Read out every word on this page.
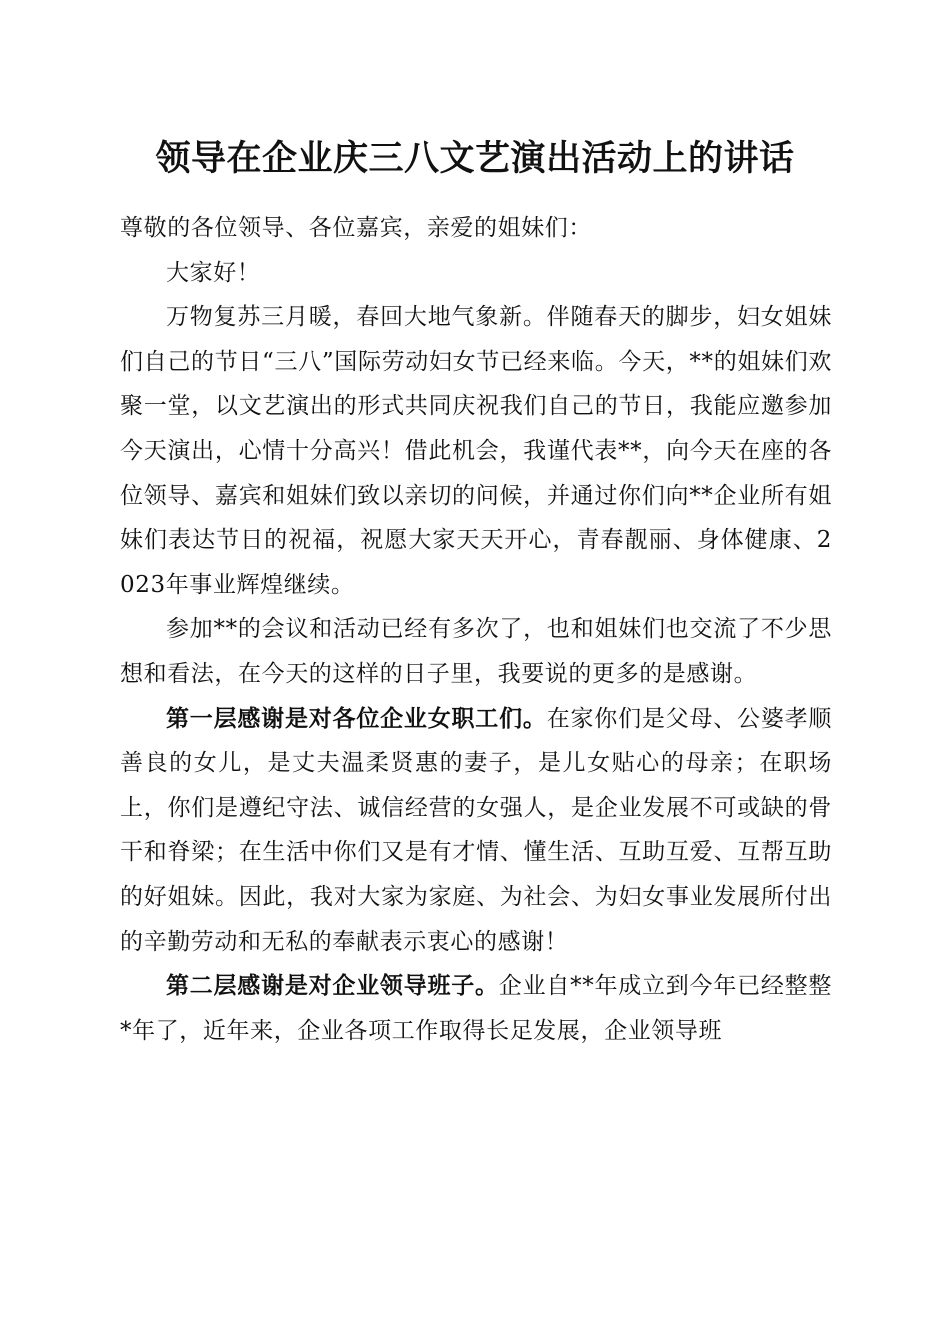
领导在企业庆三八文艺演出活动上的讲话

尊敬的各位领导、各位嘉宾，亲爱的姐妹们：

大家好！

万物复苏三月暖，春回大地气象新。伴随春天的脚步，妇女姐妹们自己的节日“三八”国际劳动妇女节已经来临。今天，**的姐妹们欢聚一堂，以文艺演出的形式共同庆祝我们自己的节日，我能应邀参加今天演出，心情十分高兴！借此机会，我谨代表**，向今天在座的各位领导、嘉宾和姐妹们致以亲切的问候，并通过你们向**企业所有姐妹们表达节日的祝福，祝愿大家天天开心，青春靓丽、身体健康、2023年事业辉煌继续。

参加**的会议和活动已经有多次了，也和姐妹们也交流了不少思想和看法，在今天的这样的日子里，我要说的更多的是感谢。

第一层感谢是对各位企业女职工们。在家你们是父母、公婆孝顺善良的女儿，是丈夫温柔贤惠的妻子，是儿女贴心的母亲；在职场上，你们是遵纪守法、诚信经营的女强人，是企业发展不可或缺的骨干和脊梁；在生活中你们又是有才情、懂生活、互助互爱、互帮互助的好姐妹。因此，我对大家为家庭、为社会、为妇女事业发展所付出的辛勤劳动和无私的奉献表示衷心的感谢！

第二层感谢是对企业领导班子。企业自**年成立到今年已经整整*年了，近年来，企业各项工作取得长足发展，企业领导班
